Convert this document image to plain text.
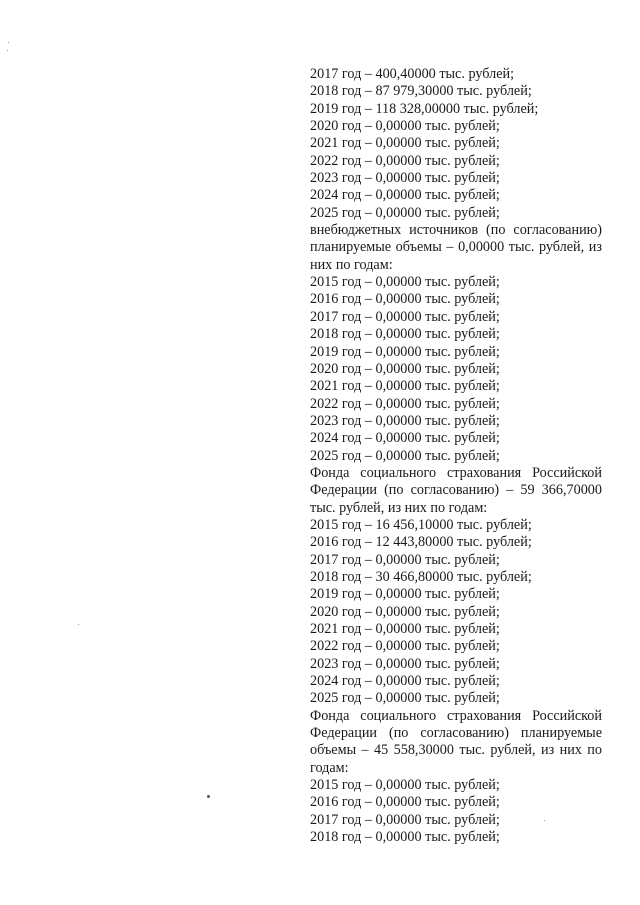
2017 год – 400,40000 тыс. рублей;
2018 год – 87 979,30000 тыс. рублей;
2019 год – 118 328,00000 тыс. рублей;
2020 год – 0,00000 тыс. рублей;
2021 год – 0,00000 тыс. рублей;
2022 год – 0,00000 тыс. рублей;
2023 год – 0,00000 тыс. рублей;
2024 год – 0,00000 тыс. рублей;
2025 год – 0,00000 тыс. рублей;
внебюджетных источников (по согласованию) планируемые объемы – 0,00000 тыс. рублей, из них по годам:
2015 год – 0,00000 тыс. рублей;
2016 год – 0,00000 тыс. рублей;
2017 год – 0,00000 тыс. рублей;
2018 год – 0,00000 тыс. рублей;
2019 год – 0,00000 тыс. рублей;
2020 год – 0,00000 тыс. рублей;
2021 год – 0,00000 тыс. рублей;
2022 год – 0,00000 тыс. рублей;
2023 год – 0,00000 тыс. рублей;
2024 год – 0,00000 тыс. рублей;
2025 год – 0,00000 тыс. рублей;
Фонда социального страхования Российской Федерации (по согласованию) – 59 366,70000 тыс. рублей, из них по годам:
2015 год – 16 456,10000 тыс. рублей;
2016 год – 12 443,80000 тыс. рублей;
2017 год – 0,00000 тыс. рублей;
2018 год – 30 466,80000 тыс. рублей;
2019 год – 0,00000 тыс. рублей;
2020 год – 0,00000 тыс. рублей;
2021 год – 0,00000 тыс. рублей;
2022 год – 0,00000 тыс. рублей;
2023 год – 0,00000 тыс. рублей;
2024 год – 0,00000 тыс. рублей;
2025 год – 0,00000 тыс. рублей;
Фонда социального страхования Российской Федерации (по согласованию) планируемые объемы – 45 558,30000 тыс. рублей, из них по годам:
2015 год – 0,00000 тыс. рублей;
2016 год – 0,00000 тыс. рублей;
2017 год – 0,00000 тыс. рублей;
2018 год – 0,00000 тыс. рублей;
